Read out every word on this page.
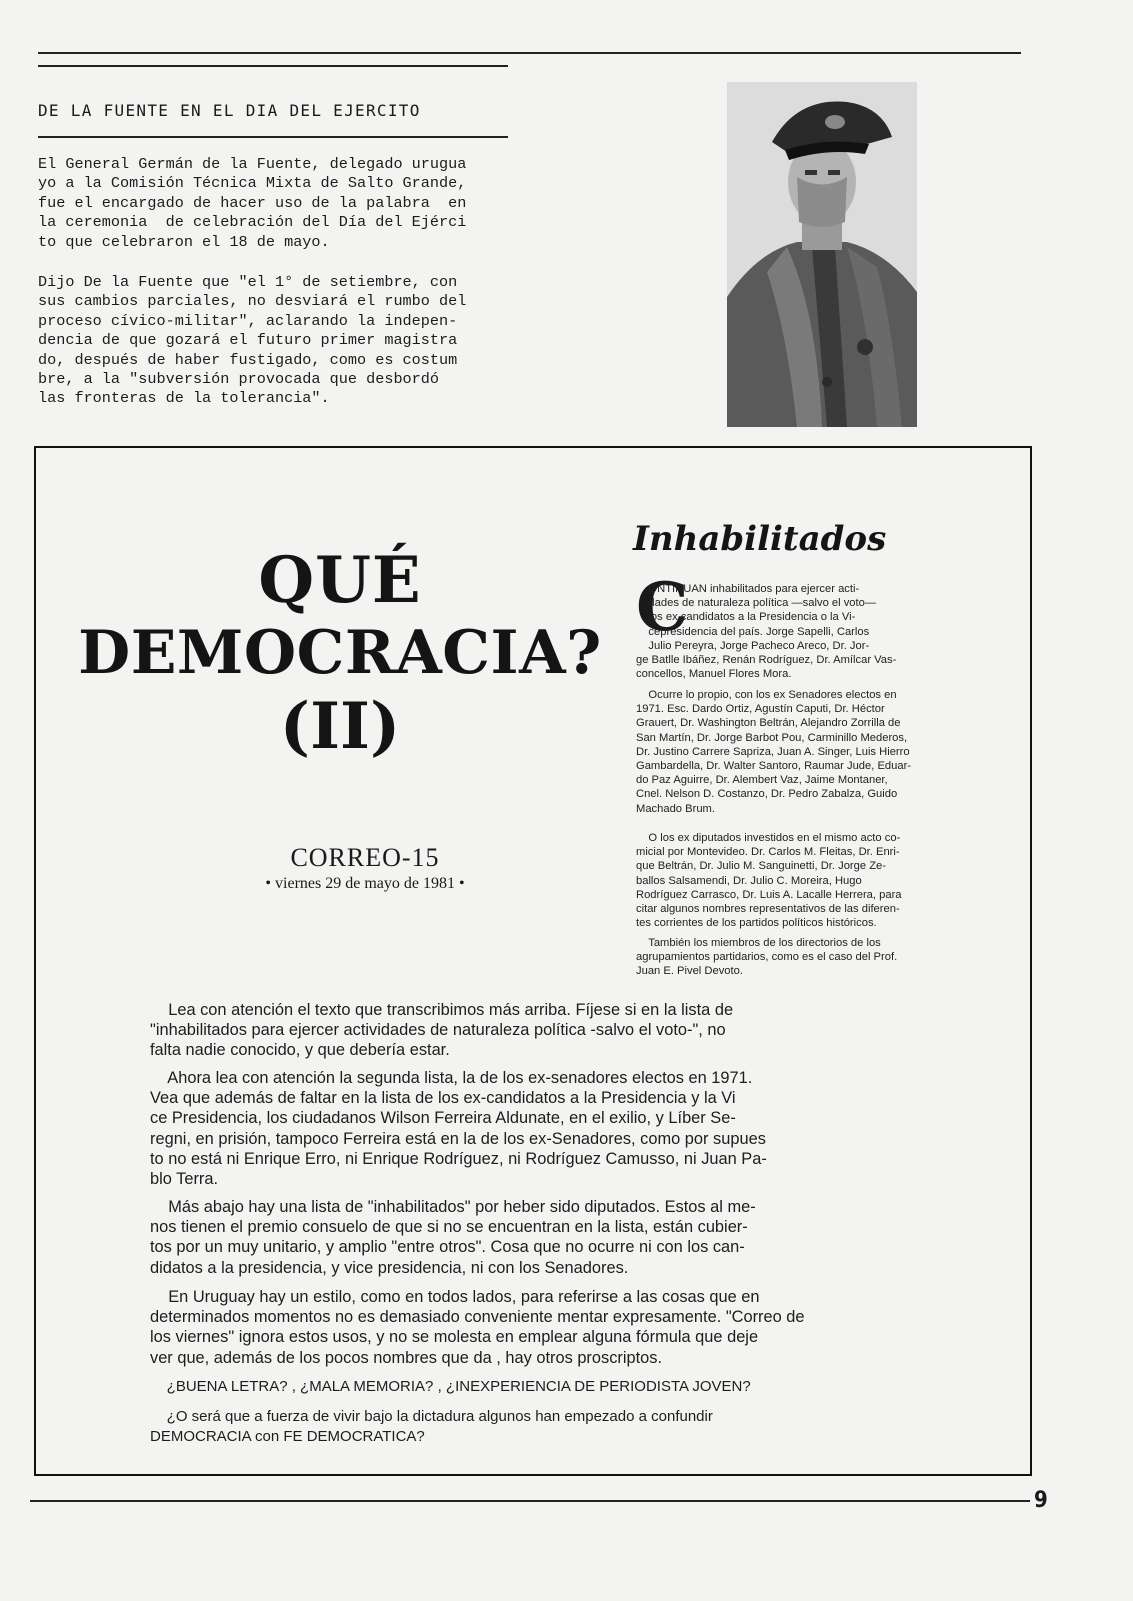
DE LA FUENTE EN EL DIA DEL EJERCITO
El General Germán de la Fuente, delegado urugua
yo a la Comisión Técnica Mixta de Salto Grande,
fue el encargado de hacer uso de la palabra  en
la ceremonia  de celebración del Día del Ejérci
to que celebraron el 18 de mayo.
Dijo De la Fuente que "el 1° de setiembre, con
sus cambios parciales, no desviará el rumbo del
proceso cívico-militar", aclarando la indepen-
dencia de que gozará el futuro primer magistra
do, después de haber fustigado, como es costum
bre, a la "subversión provocada que desbordó
las fronteras de la tolerancia".
QUÉ
DEMOCRACIA?
(II)
CORREO-15
• viernes 29 de mayo de 1981 •
Inhabilitados
C
ONTINUAN inhabilitados para ejercer acti-
dades de naturaleza política —salvo el voto—
los ex candidatos a la Presidencia o la Vi-
cepresidencia del país. Jorge Sapelli, Carlos
Julio Pereyra, Jorge Pacheco Areco, Dr. Jor-
ge Batlle Ibáñez, Renán Rodríguez, Dr. Amílcar Vas-
concellos, Manuel Flores Mora.
Ocurre lo propio, con los ex Senadores electos en
1971. Esc. Dardo Ortiz, Agustín Caputi, Dr. Héctor
Grauert, Dr. Washington Beltrán, Alejandro Zorrilla de
San Martín, Dr. Jorge Barbot Pou, Carminillo Mederos,
Dr. Justino Carrere Sapriza, Juan A. Singer, Luis Hierro
Gambardella, Dr. Walter Santoro, Raumar Jude, Eduar-
do Paz Aguirre, Dr. Alembert Vaz, Jaime Montaner,
Cnel. Nelson D. Costanzo, Dr. Pedro Zabalza, Guido
Machado Brum.
O los ex diputados investidos en el mismo acto co-
micial por Montevideo. Dr. Carlos M. Fleitas, Dr. Enri-
que Beltrán, Dr. Julio M. Sanguinetti, Dr. Jorge Ze-
ballos Salsamendi, Dr. Julio C. Moreira, Hugo
Rodríguez Carrasco, Dr. Luis A. Lacalle Herrera, para
citar algunos nombres representativos de las diferen-
tes corrientes de los partidos políticos históricos.
También los miembros de los directorios de los
agrupamientos partidarios, como es el caso del Prof.
Juan E. Pivel Devoto.
Lea con atención el texto que transcribimos más arriba. Fíjese si en la lista de
"inhabilitados para ejercer actividades de naturaleza política -salvo el voto-", no
falta nadie conocido, y que debería estar.
Ahora lea con atención la segunda lista, la de los ex-senadores electos en 1971.
Vea que además de faltar en la lista de los ex-candidatos a la Presidencia y la Vi
ce Presidencia, los ciudadanos Wilson Ferreira Aldunate, en el exilio, y Líber Se-
regni, en prisión, tampoco Ferreira está en la de los ex-Senadores, como por supues
to no está ni Enrique Erro, ni Enrique Rodríguez, ni Rodríguez Camusso, ni Juan Pa-
blo Terra.
Más abajo hay una lista de "inhabilitados" por heber sido diputados. Estos al me-
nos tienen el premio consuelo de que si no se encuentran en la lista, están cubier-
tos por un muy unitario, y amplio "entre otros". Cosa que no ocurre ni con los can-
didatos a la presidencia, y vice presidencia, ni con los Senadores.
En Uruguay hay un estilo, como en todos lados, para referirse a las cosas que en
determinados momentos no es demasiado conveniente mentar expresamente. "Correo de
los viernes" ignora estos usos, y no se molesta en emplear alguna fórmula que deje
ver que, además de los pocos nombres que da , hay otros proscriptos.
¿BUENA LETRA? , ¿MALA MEMORIA? , ¿INEXPERIENCIA DE PERIODISTA JOVEN?
¿O será que a fuerza de vivir bajo la dictadura algunos han empezado a confundir
DEMOCRACIA con FE DEMOCRATICA?
9
